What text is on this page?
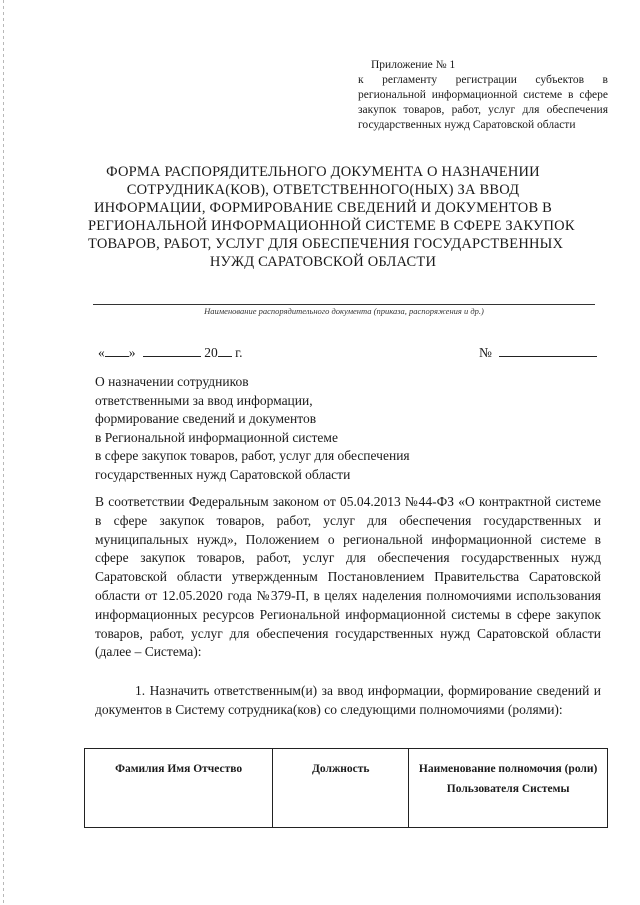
Приложение № 1
к регламенту регистрации субъектов в региональной информационной системе в сфере закупок товаров, работ, услуг для обеспечения государственных нужд Саратовской области
ФОРМА РАСПОРЯДИТЕЛЬНОГО ДОКУМЕНТА О НАЗНАЧЕНИИ
СОТРУДНИКА(КОВ), ОТВЕТСТВЕННОГО(НЫХ) ЗА ВВОД
ИНФОРМАЦИИ, ФОРМИРОВАНИЕ СВЕДЕНИЙ И ДОКУМЕНТОВ В
РЕГИОНАЛЬНОЙ ИНФОРМАЦИОННОЙ СИСТЕМЕ В СФЕРЕ ЗАКУПОК
ТОВАРОВ, РАБОТ, УСЛУГ ДЛЯ ОБЕСПЕЧЕНИЯ ГОСУДАРСТВЕННЫХ
НУЖД САРАТОВСКОЙ ОБЛАСТИ
Наименование распорядительного документа (приказа, распоряжения и др.)
« »	20 г.	№
О назначении сотрудников
ответственными за ввод информации,
формирование сведений и документов
в Региональной информационной системе
в сфере закупок товаров, работ, услуг для обеспечения
государственных нужд Саратовской области
В соответствии Федеральным законом от 05.04.2013 №44-ФЗ «О контрактной системе в сфере закупок товаров, работ, услуг для обеспечения государственных и муниципальных нужд», Положением о региональной информационной системе в сфере закупок товаров, работ, услуг для обеспечения государственных нужд Саратовской области утвержденным Постановлением Правительства Саратовской области от 12.05.2020 года №379-П, в целях наделения полномочиями использования информационных ресурсов Региональной информационной системы в сфере закупок товаров, работ, услуг для обеспечения государственных нужд Саратовской области (далее – Система):
1. Назначить ответственным(и) за ввод информации, формирование сведений и документов в Систему сотрудника(ков) со следующими полномочиями (ролями):
Фамилия Имя Отчество	Должность	Наименование полномочия (роли) Пользователя Системы
